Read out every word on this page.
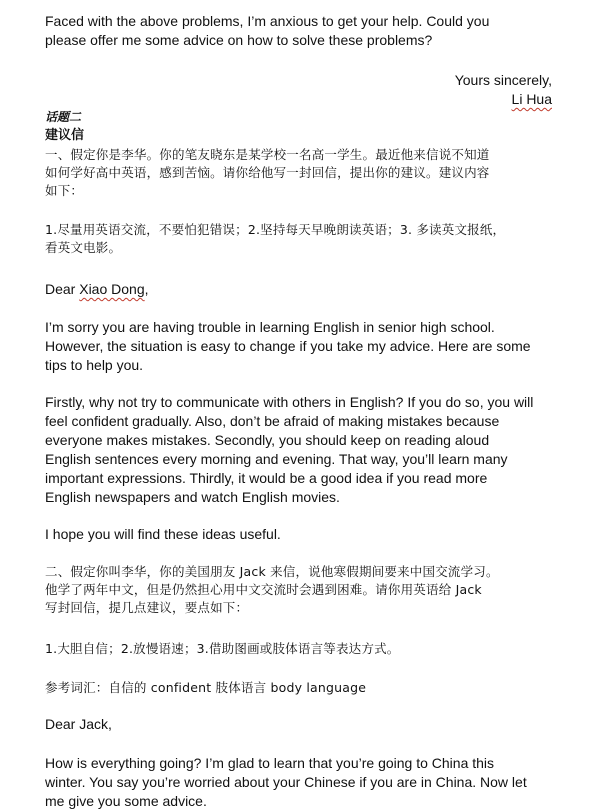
Faced with the above problems, I’m anxious to get your help. Could you
please offer me some advice on how to solve these problems?
Yours sincerely,
Li Hua
话题二
建议信
一、假定你是李华。你的笔友晓东是某学校一名高一学生。最近他来信说不知道
如何学好高中英语，感到苦恼。请你给他写一封回信，提出你的建议。建议内容
如下：
1.尽量用英语交流，不要怕犯错误；2.坚持每天早晚朗读英语；3. 多读英文报纸，
看英文电影。
Dear Xiao Dong,
I’m sorry you are having trouble in learning English in senior high school.
However, the situation is easy to change if you take my advice. Here are some
tips to help you.
Firstly, why not try to communicate with others in English? If you do so, you will
feel confident gradually. Also, don’t be afraid of making mistakes because
everyone makes mistakes. Secondly, you should keep on reading aloud
English sentences every morning and evening. That way, you’ll learn many
important expressions. Thirdly, it would be a good idea if you read more
English newspapers and watch English movies.
I hope you will find these ideas useful.
二、假定你叫李华，你的美国朋友 Jack 来信，说他寒假期间要来中国交流学习。
他学了两年中文，但是仍然担心用中文交流时会遇到困难。请你用英语给 Jack
写封回信，提几点建议，要点如下：
1.大胆自信；2.放慢语速；3.借助图画或肢体语言等表达方式。
参考词汇：自信的 confident 肢体语言 body language
Dear Jack,
How is everything going? I’m glad to learn that you’re going to China this
winter. You say you’re worried about your Chinese if you are in China. Now let
me give you some advice.
